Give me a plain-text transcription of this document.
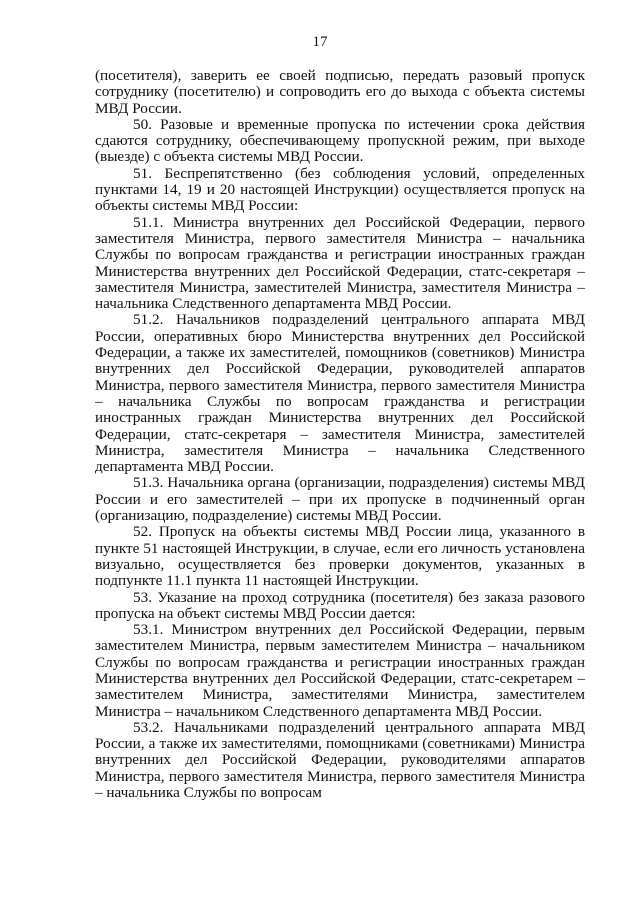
17

(посетителя), заверить ее своей подписью, передать разовый пропуск сотруднику (посетителю) и сопроводить его до выхода с объекта системы МВД России.

50. Разовые и временные пропуска по истечении срока действия сдаются сотруднику, обеспечивающему пропускной режим, при выходе (выезде) с объекта системы МВД России.

51. Беспрепятственно (без соблюдения условий, определенных пунктами 14, 19 и 20 настоящей Инструкции) осуществляется пропуск на объекты системы МВД России:

51.1. Министра внутренних дел Российской Федерации, первого заместителя Министра, первого заместителя Министра – начальника Службы по вопросам гражданства и регистрации иностранных граждан Министерства внутренних дел Российской Федерации, статс-секретаря – заместителя Министра, заместителей Министра, заместителя Министра – начальника Следственного департамента МВД России.

51.2. Начальников подразделений центрального аппарата МВД России, оперативных бюро Министерства внутренних дел Российской Федерации, а также их заместителей, помощников (советников) Министра внутренних дел Российской Федерации, руководителей аппаратов Министра, первого заместителя Министра, первого заместителя Министра – начальника Службы по вопросам гражданства и регистрации иностранных граждан Министерства внутренних дел Российской Федерации, статс-секретаря – заместителя Министра, заместителей Министра, заместителя Министра – начальника Следственного департамента МВД России.

51.3. Начальника органа (организации, подразделения) системы МВД России и его заместителей – при их пропуске в подчиненный орган (организацию, подразделение) системы МВД России.

52. Пропуск на объекты системы МВД России лица, указанного в пункте 51 настоящей Инструкции, в случае, если его личность установлена визуально, осуществляется без проверки документов, указанных в подпункте 11.1 пункта 11 настоящей Инструкции.

53. Указание на проход сотрудника (посетителя) без заказа разового пропуска на объект системы МВД России дается:

53.1. Министром внутренних дел Российской Федерации, первым заместителем Министра, первым заместителем Министра – начальником Службы по вопросам гражданства и регистрации иностранных граждан Министерства внутренних дел Российской Федерации, статс-секретарем – заместителем Министра, заместителями Министра, заместителем Министра – начальником Следственного департамента МВД России.

53.2. Начальниками подразделений центрального аппарата МВД России, а также их заместителями, помощниками (советниками) Министра внутренних дел Российской Федерации, руководителями аппаратов Министра, первого заместителя Министра, первого заместителя Министра – начальника Службы по вопросам
